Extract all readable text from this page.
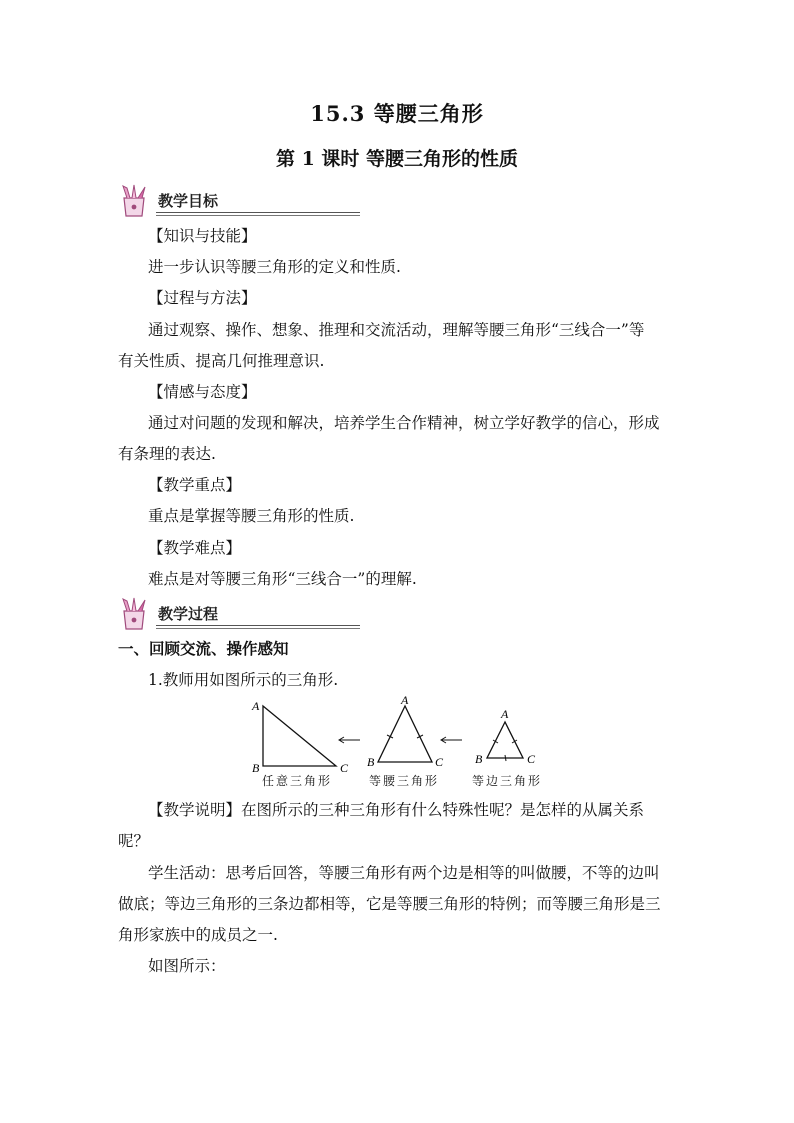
15.3 等腰三角形
第 1 课时 等腰三角形的性质
教学目标
【知识与技能】
进一步认识等腰三角形的定义和性质.
【过程与方法】
通过观察、操作、想象、推理和交流活动，理解等腰三角形“三线合一”等
有关性质、提高几何推理意识.
【情感与态度】
通过对问题的发现和解决，培养学生合作精神，树立学好教学的信心，形成
有条理的表达.
【教学重点】
重点是掌握等腰三角形的性质.
【教学难点】
难点是对等腰三角形“三线合一”的理解.
教学过程
一、回顾交流、操作感知
1.教师用如图所示的三角形.
A
B	C
A
B	C
A
B	C
任意三角形	等腰三角形	等边三角形
【教学说明】在图所示的三种三角形有什么特殊性呢？是怎样的从属关系
呢？
学生活动：思考后回答，等腰三角形有两个边是相等的叫做腰，不等的边叫
做底；等边三角形的三条边都相等，它是等腰三角形的特例；而等腰三角形是三
角形家族中的成员之一.
如图所示：
